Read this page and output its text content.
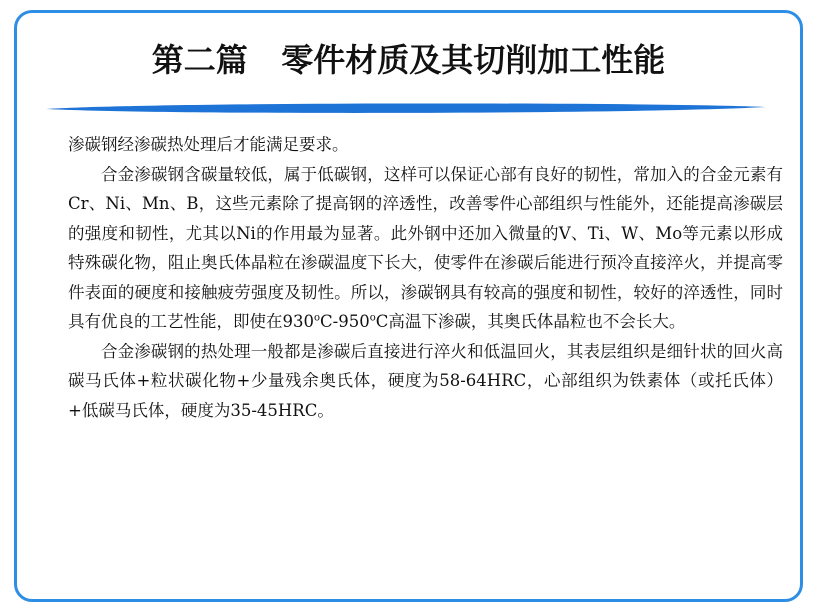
第二篇   零件材质及其切削加工性能

渗碳钢经渗碳热处理后才能满足要求。

合金渗碳钢含碳量较低，属于低碳钢，这样可以保证心部有良好的韧性，常加入的合金元素有Cr、Ni、Mn、B，这些元素除了提高钢的淬透性，改善零件心部组织与性能外，还能提高渗碳层的强度和韧性，尤其以Ni的作用最为显著。此外钢中还加入微量的V、Ti、W、Mo等元素以形成特殊碳化物，阻止奥氏体晶粒在渗碳温度下长大，使零件在渗碳后能进行预冷直接淬火，并提高零件表面的硬度和接触疲劳强度及韧性。所以，渗碳钢具有较高的强度和韧性，较好的淬透性，同时具有优良的工艺性能，即使在930$^o$C-950$^o$C高温下渗碳，其奥氏体晶粒也不会长大。

合金渗碳钢的热处理一般都是渗碳后直接进行淬火和低温回火，其表层组织是细针状的回火高碳马氏体+粒状碳化物+少量残余奥氏体，硬度为58-64HRC，心部组织为铁素体（或托氏体）+低碳马氏体，硬度为35-45HRC。
